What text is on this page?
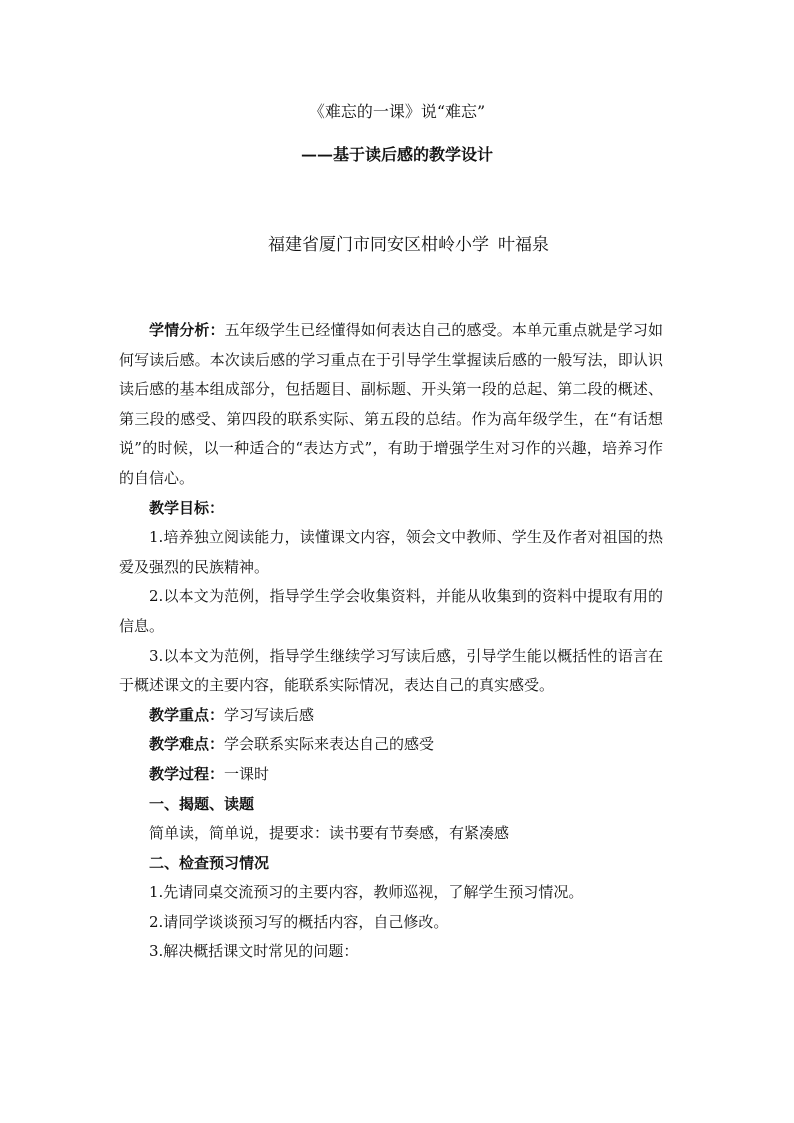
《难忘的一课》说“难忘”
——基于读后感的教学设计
福建省厦门市同安区柑岭小学 叶福泉

学情分析：五年级学生已经懂得如何表达自己的感受。本单元重点就是学习如何写读后感。本次读后感的学习重点在于引导学生掌握读后感的一般写法，即认识读后感的基本组成部分，包括题目、副标题、开头第一段的总起、第二段的概述、第三段的感受、第四段的联系实际、第五段的总结。作为高年级学生，在“有话想说”的时候，以一种适合的“表达方式”，有助于增强学生对习作的兴趣，培养习作的自信心。

教学目标：

1.培养独立阅读能力，读懂课文内容，领会文中教师、学生及作者对祖国的热爱及强烈的民族精神。

2.以本文为范例，指导学生学会收集资料，并能从收集到的资料中提取有用的信息。

3.以本文为范例，指导学生继续学习写读后感，引导学生能以概括性的语言在于概述课文的主要内容，能联系实际情况，表达自己的真实感受。

教学重点：学习写读后感

教学难点：学会联系实际来表达自己的感受

教学过程：一课时

一、揭题、读题

简单读，简单说，提要求：读书要有节奏感，有紧凑感

二、检查预习情况

1.先请同桌交流预习的主要内容，教师巡视，了解学生预习情况。

2.请同学谈谈预习写的概括内容，自己修改。

3.解决概括课文时常见的问题：
